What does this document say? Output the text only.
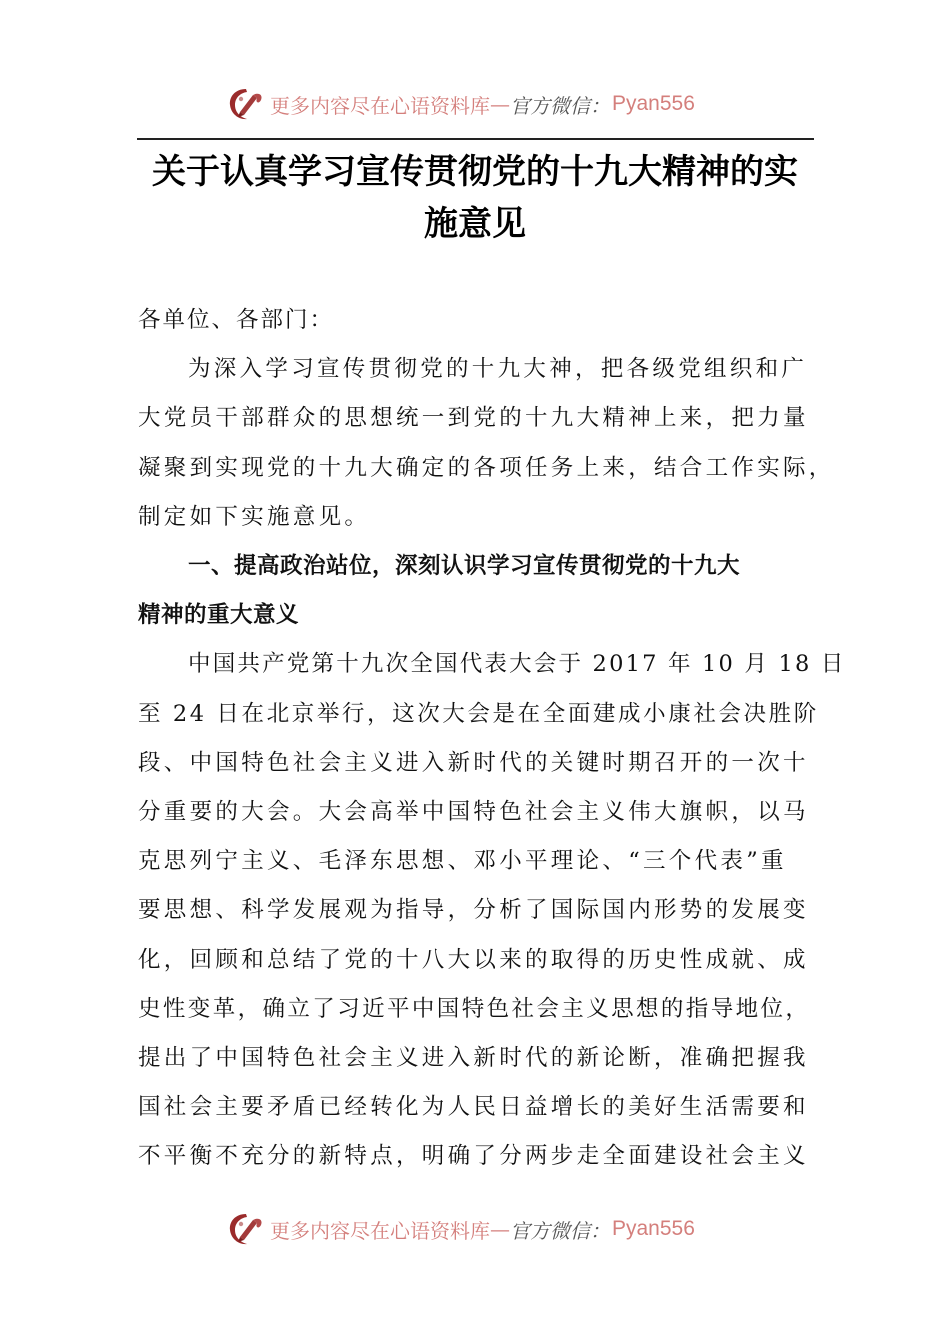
更多内容尽在心语资料库 — 官方微信： Pyan556
关于认真学习宣传贯彻党的十九大精神的实
施意见
各单位、各部门：
为深入学习宣传贯彻党的十九大神，把各级党组织和广
大党员干部群众的思想统一到党的十九大精神上来，把力量
凝聚到实现党的十九大确定的各项任务上来，结合工作实际，
制定如下实施意见。
一、提高政治站位，深刻认识学习宣传贯彻党的十九大
精神的重大意义
中国共产党第十九次全国代表大会于 2017 年 10 月 18 日
至 24 日在北京举行，这次大会是在全面建成小康社会决胜阶
段、中国特色社会主义进入新时代的关键时期召开的一次十
分重要的大会。大会高举中国特色社会主义伟大旗帜，以马
克思列宁主义、毛泽东思想、邓小平理论、“三个代表”重
要思想、科学发展观为指导，分析了国际国内形势的发展变
化，回顾和总结了党的十八大以来的取得的历史性成就、成
史性变革，确立了习近平中国特色社会主义思想的指导地位，
提出了中国特色社会主义进入新时代的新论断，准确把握我
国社会主要矛盾已经转化为人民日益增长的美好生活需要和
不平衡不充分的新特点，明确了分两步走全面建设社会主义
更多内容尽在心语资料库 — 官方微信： Pyan556
